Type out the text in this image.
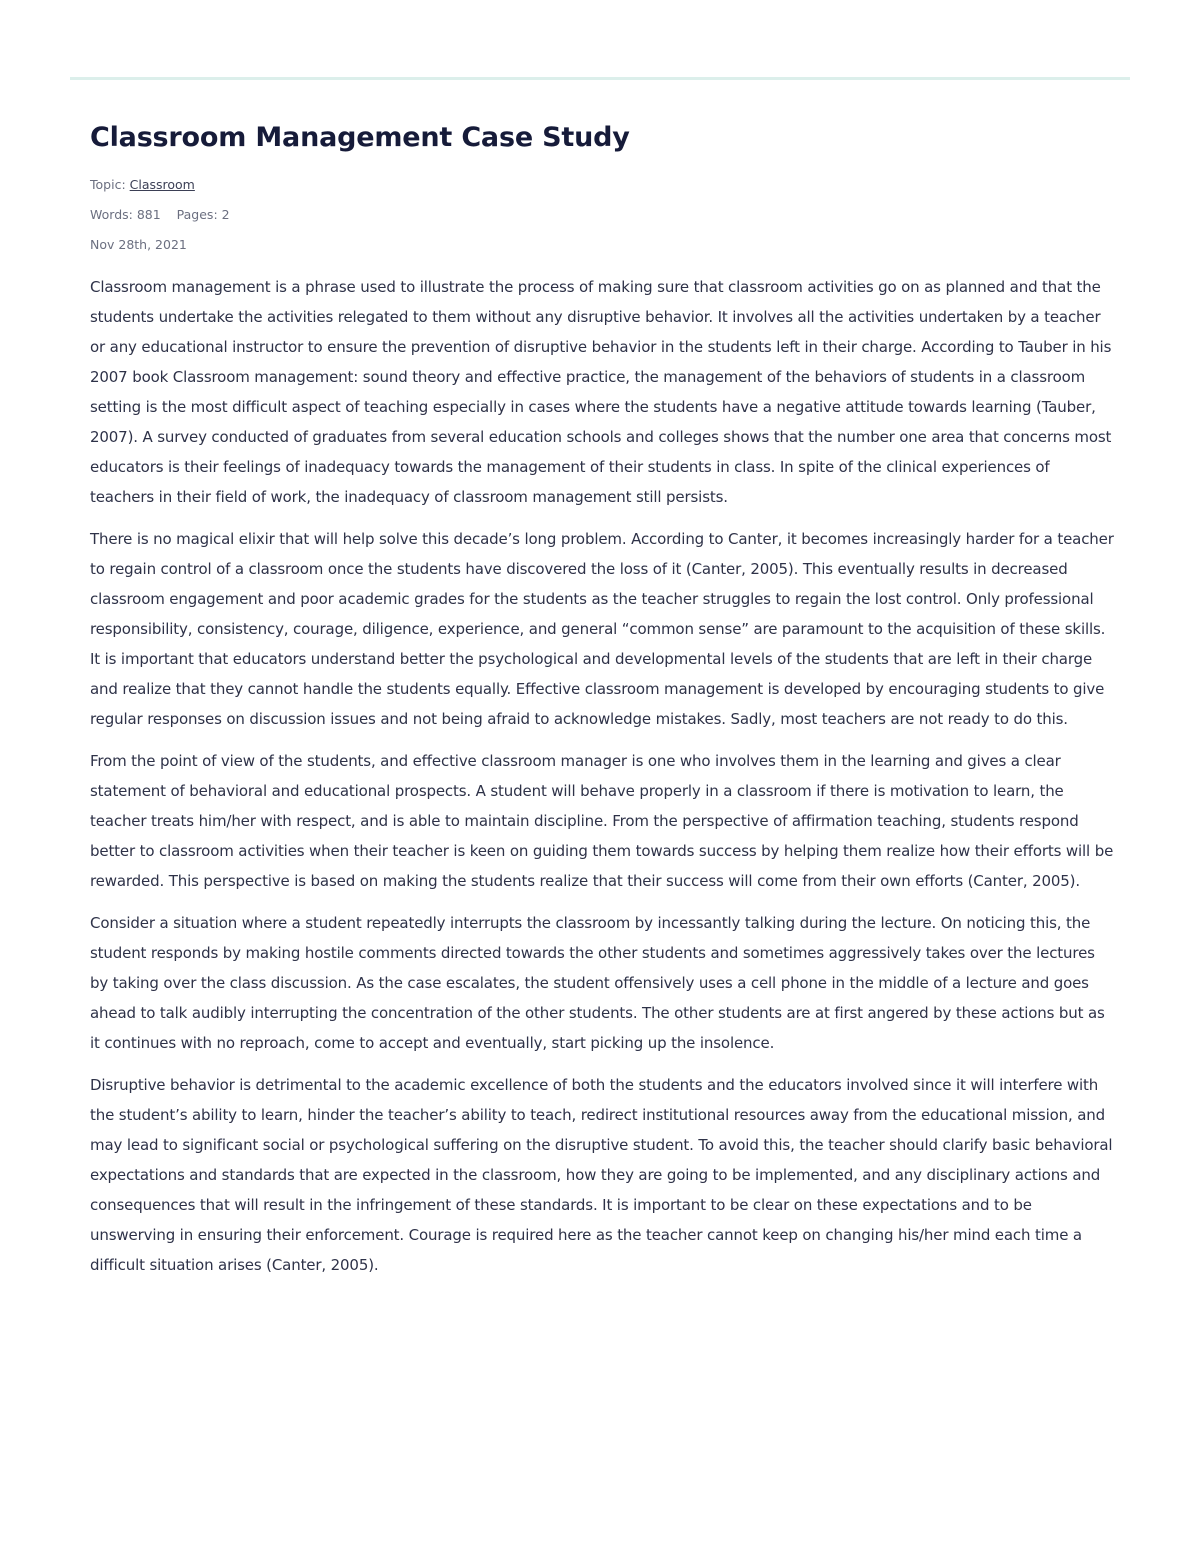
Classroom Management Case Study
Topic: Classroom
Words: 881 Pages: 2
Nov 28th, 2021

Classroom management is a phrase used to illustrate the process of making sure that classroom activities go on as planned and that the students undertake the activities relegated to them without any disruptive behavior. It involves all the activities undertaken by a teacher or any educational instructor to ensure the prevention of disruptive behavior in the students left in their charge. According to Tauber in his 2007 book Classroom management: sound theory and effective practice, the management of the behaviors of students in a classroom setting is the most difficult aspect of teaching especially in cases where the students have a negative attitude towards learning (Tauber, 2007). A survey conducted of graduates from several education schools and colleges shows that the number one area that concerns most educators is their feelings of inadequacy towards the management of their students in class. In spite of the clinical experiences of teachers in their field of work, the inadequacy of classroom management still persists.

There is no magical elixir that will help solve this decade’s long problem. According to Canter, it becomes increasingly harder for a teacher to regain control of a classroom once the students have discovered the loss of it (Canter, 2005). This eventually results in decreased classroom engagement and poor academic grades for the students as the teacher struggles to regain the lost control. Only professional responsibility, consistency, courage, diligence, experience, and general “common sense” are paramount to the acquisition of these skills. It is important that educators understand better the psychological and developmental levels of the students that are left in their charge and realize that they cannot handle the students equally. Effective classroom management is developed by encouraging students to give regular responses on discussion issues and not being afraid to acknowledge mistakes. Sadly, most teachers are not ready to do this.

From the point of view of the students, and effective classroom manager is one who involves them in the learning and gives a clear statement of behavioral and educational prospects. A student will behave properly in a classroom if there is motivation to learn, the teacher treats him/her with respect, and is able to maintain discipline. From the perspective of affirmation teaching, students respond better to classroom activities when their teacher is keen on guiding them towards success by helping them realize how their efforts will be rewarded. This perspective is based on making the students realize that their success will come from their own efforts (Canter, 2005).

Consider a situation where a student repeatedly interrupts the classroom by incessantly talking during the lecture. On noticing this, the student responds by making hostile comments directed towards the other students and sometimes aggressively takes over the lectures by taking over the class discussion. As the case escalates, the student offensively uses a cell phone in the middle of a lecture and goes ahead to talk audibly interrupting the concentration of the other students. The other students are at first angered by these actions but as it continues with no reproach, come to accept and eventually, start picking up the insolence.

Disruptive behavior is detrimental to the academic excellence of both the students and the educators involved since it will interfere with the student’s ability to learn, hinder the teacher’s ability to teach, redirect institutional resources away from the educational mission, and may lead to significant social or psychological suffering on the disruptive student. To avoid this, the teacher should clarify basic behavioral expectations and standards that are expected in the classroom, how they are going to be implemented, and any disciplinary actions and consequences that will result in the infringement of these standards. It is important to be clear on these expectations and to be unswerving in ensuring their enforcement. Courage is required here as the teacher cannot keep on changing his/her mind each time a difficult situation arises (Canter, 2005).
